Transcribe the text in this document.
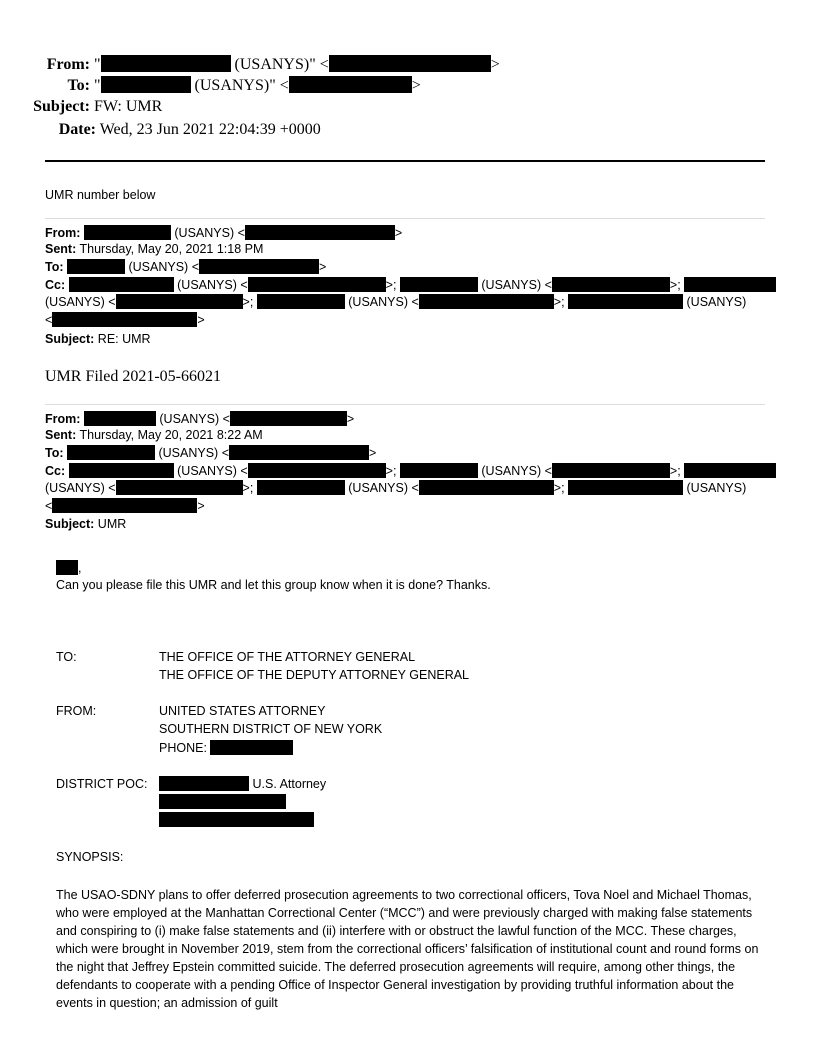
From: "	(USANYS)" <	>
To: "	(USANYS)" <	>
Subject: FW: UMR
Date: Wed, 23 Jun 2021 22:04:39 +0000
UMR number below
From:	(USANYS) <	>
Sent: Thursday, May 20, 2021 1:18 PM
To:	(USANYS) <	>
Cc:	(USANYS) <	>;	(USANYS) <	>;
(USANYS) <	>;	(USANYS) <	>;	(USANYS)
<	>
Subject: RE: UMR
UMR Filed 2021-05-66021
From:	(USANYS) <	>
Sent: Thursday, May 20, 2021 8:22 AM
To:	(USANYS) <	>
Cc:	(USANYS) <	>;	(USANYS) <	>;
(USANYS) <	>;	(USANYS) <	>;	(USANYS)
<	>
Subject: UMR
,
Can you please file this UMR and let this group know when it is done? Thanks.
TO:	THE OFFICE OF THE ATTORNEY GENERAL
THE OFFICE OF THE DEPUTY ATTORNEY GENERAL
FROM:	UNITED STATES ATTORNEY
SOUTHERN DISTRICT OF NEW YORK
PHONE:
DISTRICT POC:	U.S. Attorney
SYNOPSIS:
The USAO-SDNY plans to offer deferred prosecution agreements to two correctional officers, Tova Noel and Michael Thomas, who were employed at the Manhattan Correctional Center (“MCC”) and were previously charged with making false statements and conspiring to (i) make false statements and (ii) interfere with or obstruct the lawful function of the MCC. These charges, which were brought in November 2019, stem from the correctional officers’ falsification of institutional count and round forms on the night that Jeffrey Epstein committed suicide. The deferred prosecution agreements will require, among other things, the defendants to cooperate with a pending Office of Inspector General investigation by providing truthful information about the events in question; an admission of guilt
